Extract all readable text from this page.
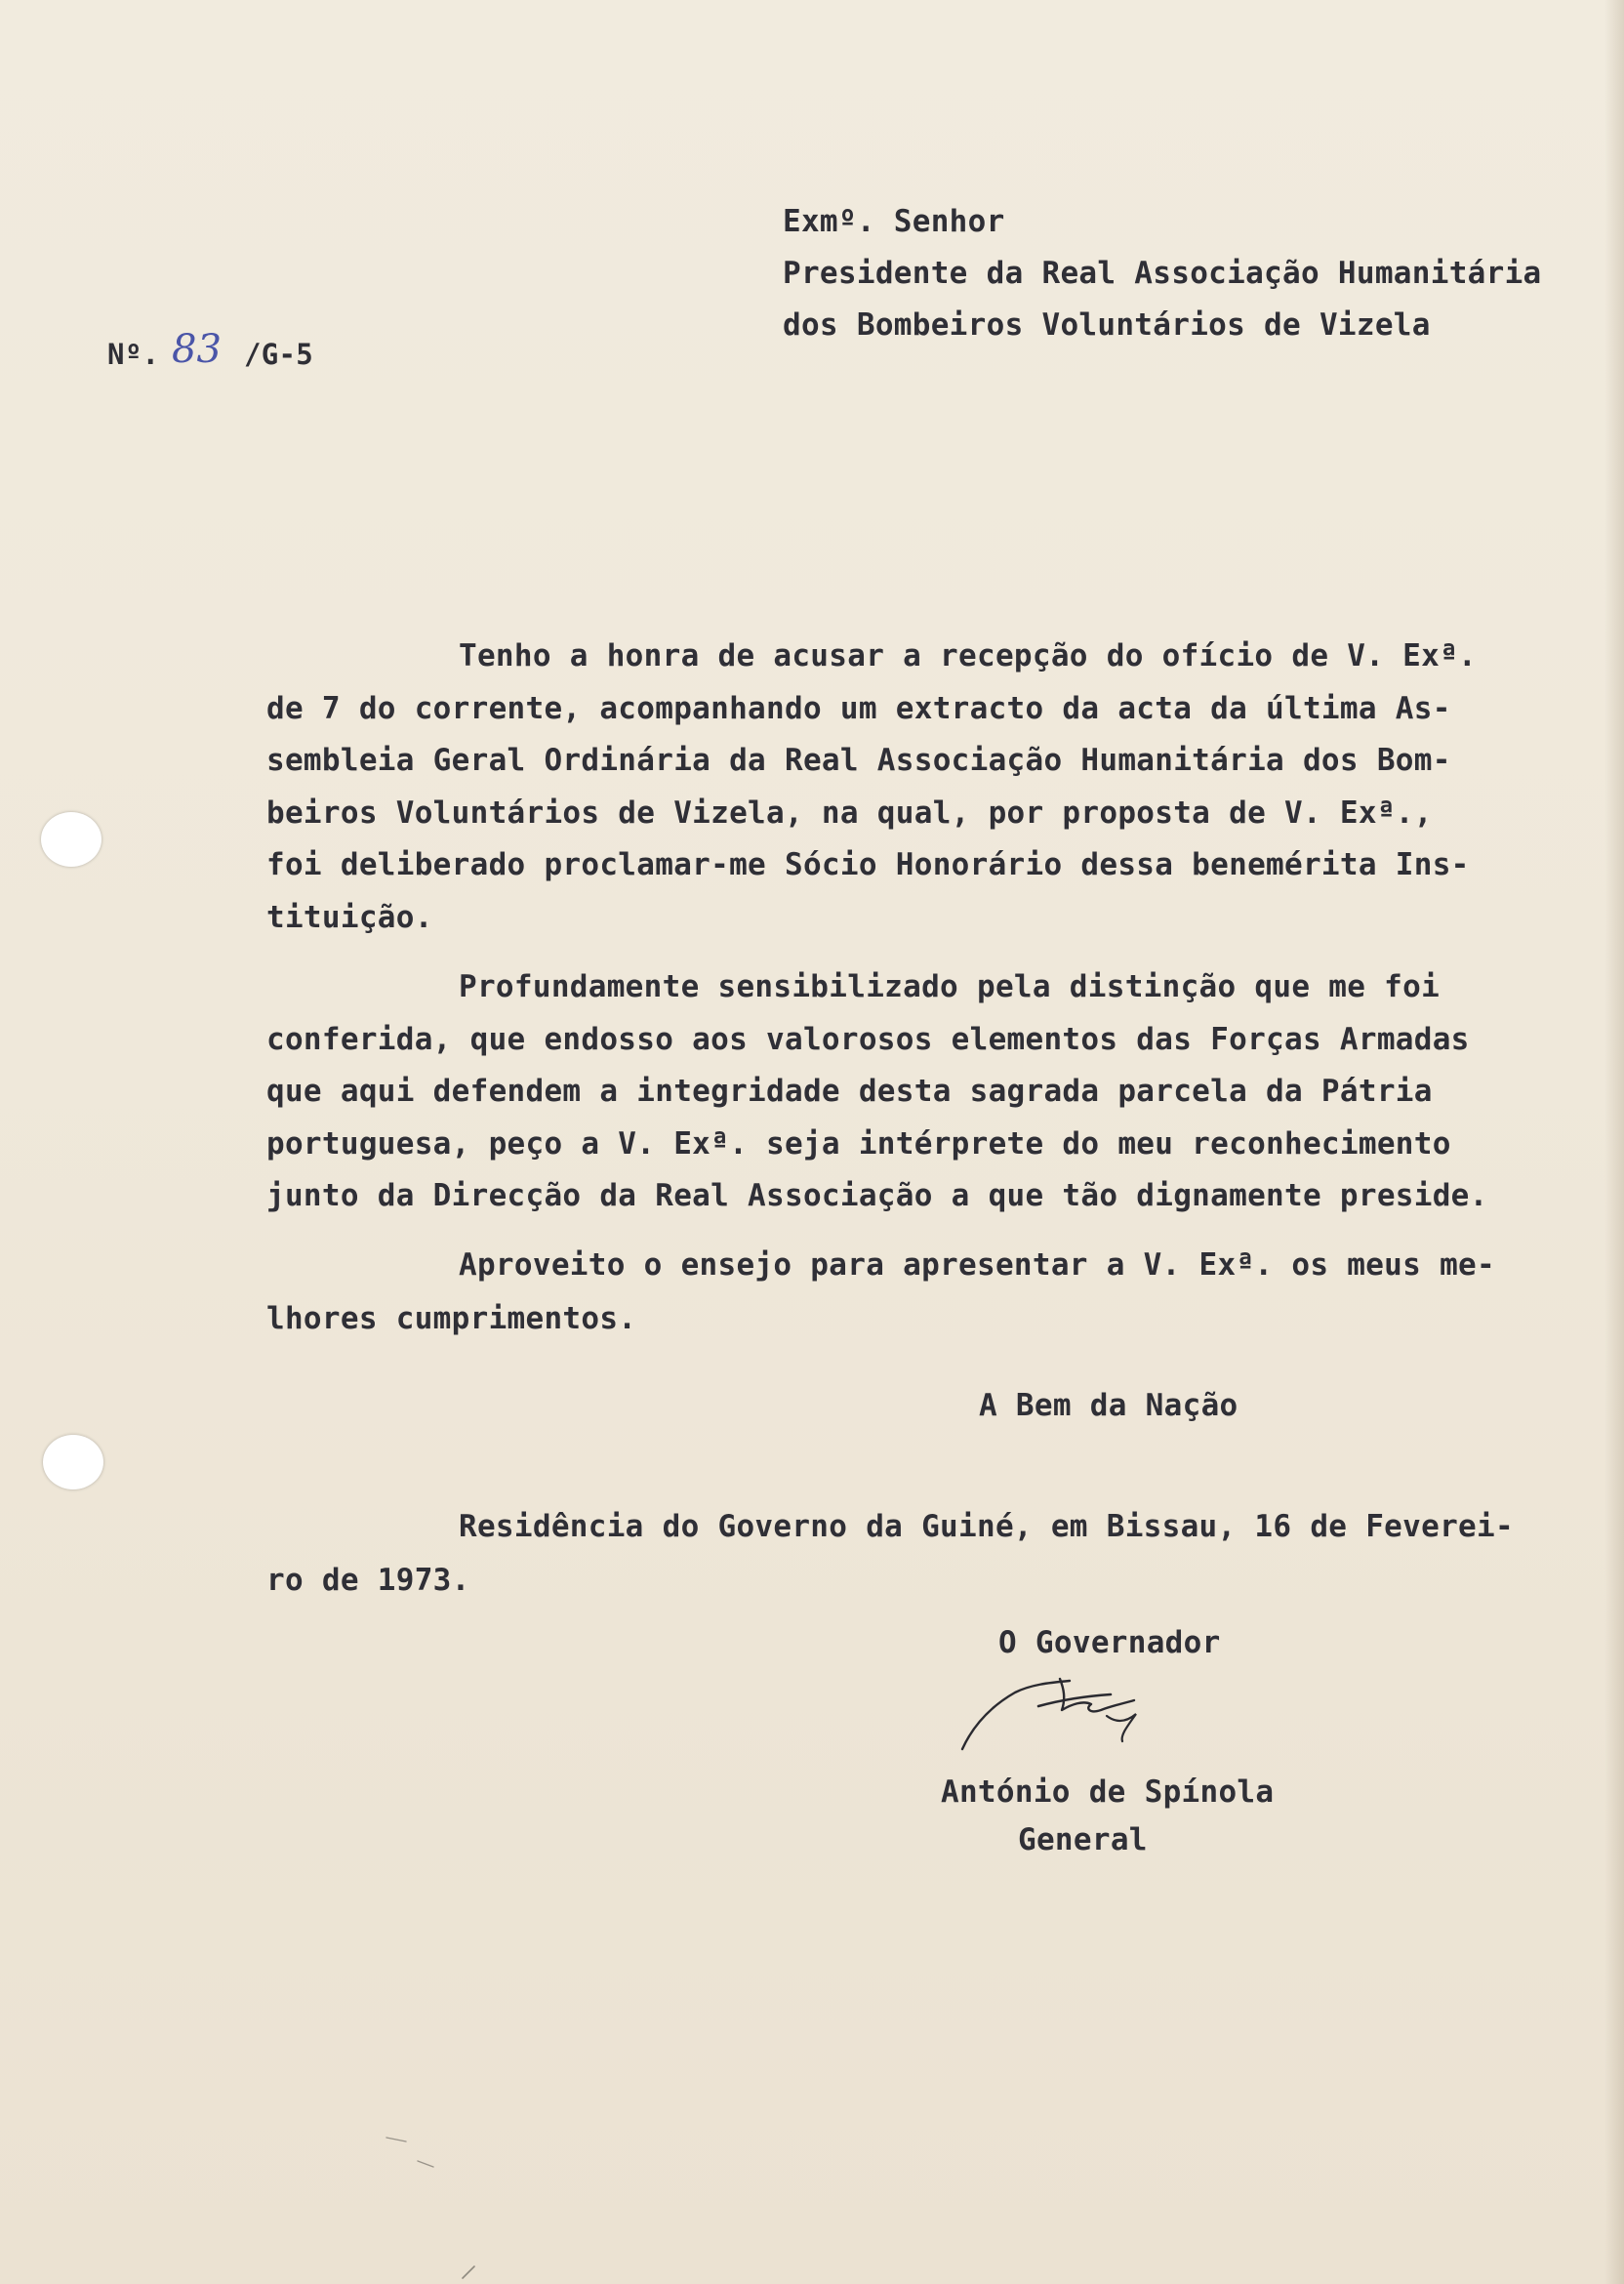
Nº. 83 /G-5

Exmº. Senhor

Presidente da Real Associação Humanitária

dos Bombeiros Voluntários de Vizela

Tenho a honra de acusar a recepção do ofício de V. Exª.

de 7 do corrente, acompanhando um extracto da acta da última As-

sembleia Geral Ordinária da Real Associação Humanitária dos Bom-

beiros Voluntários de Vizela, na qual, por proposta de V. Exª.,

foi deliberado proclamar-me Sócio Honorário dessa benemérita Ins-

tituição.

Profundamente sensibilizado pela distinção que me foi

conferida, que endosso aos valorosos elementos das Forças Armadas

que aqui defendem a integridade desta sagrada parcela da Pátria

portuguesa, peço a V. Exª. seja intérprete do meu reconhecimento

junto da Direcção da Real Associação a que tão dignamente preside.

Aproveito o ensejo para apresentar a V. Exª. os meus me-

lhores cumprimentos.

A Bem da Nação

Residência do Governo da Guiné, em Bissau, 16 de Feverei-

ro de 1973.

O Governador

António de Spínola

General
